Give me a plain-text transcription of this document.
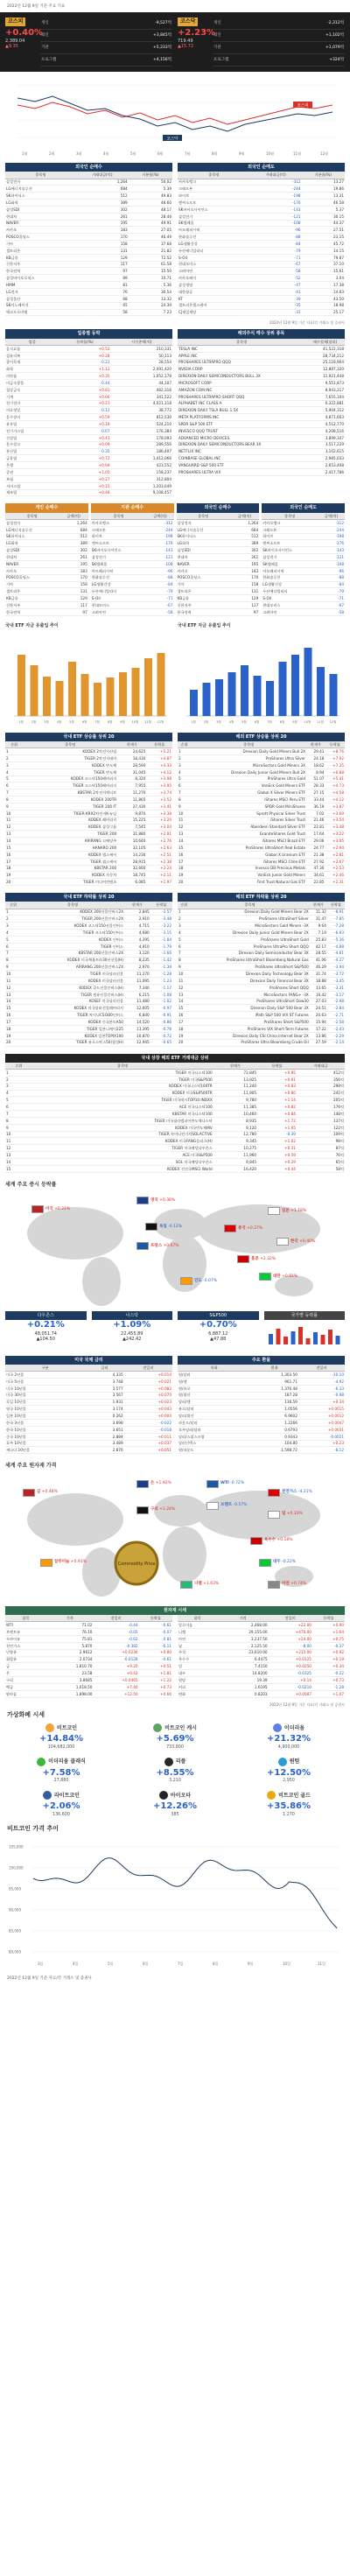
2022년 12월 9일 기준 주요 지표
코스피
+0.40%
2,389.04
▲9.35
개인	-9,527억
외인	+3,845억
기관	+5,233억
프로그램	+4,156억
코스닥
+2.23%
719.49
▲15.72
개인	-2,312억
외인	+1,102억
기관	+1,079억
프로그램	+324억
코스피
코스닥
1월	2월	3월	4월	5월	6월	7월	8월	9월	10월	11월	12월
외국인 순매수
종목명	거래대금(억)	지분율(%)
삼성전자	1,264	50.02
LG에너지솔루션	684	5.39
SK하이닉스	512	49.83
LG화학	389	48.60
삼성SDI	302	48.17
현대차	261	28.46
NAVER	195	49.91
카카오	183	27.05
POSCO홀딩스	170	46.49
기아	158	37.68
셀트리온	131	21.82
KB금융	129	72.52
신한지주	117	61.58
한국전력	97	15.50
삼성바이오로직스	89	10.71
HMM	81	5.36
LG전자	76	30.54
삼성물산	68	13.32
SK이노베이션	65	24.39
에코프로비엠	58	7.23
외국인 순매도
종목명	거래대금(억)	지분율(%)
카카오뱅크	-312	13.27
크래프톤	-244	19.86
하이브	-198	13.31
엔씨소프트	-176	46.58
SK바이오사이언스	-143	5.37
삼성전기	-121	30.15
SK텔레콤	-108	44.37
아모레퍼시픽	-96	27.51
한화솔루션	-88	23.15
LG생활건강	-84	45.72
두산에너빌리티	-79	14.15
S-Oil	-71	79.87
현대모비스	-67	37.10
고려아연	-58	15.61
카카오페이	-52	3.04
삼성생명	-47	17.38
대한항공	-41	14.63
KT	-39	43.50
셀트리온헬스케어	-35	18.98
CJ제일제당	-31	25.17
2022년 12월 9일 기준 자료/각 거래소 및 증권사
업종별 등락
업종	등락률(%)	시가총액(억)
음식료품	+0.52	210,331
섬유의복	+0.28	50,113
종이목재	-0.21	28,554
화학	+1.12	2,091,420
의약품	+0.35	1,052,178
비금속광물	-0.44	44,107
철강금속	+0.81	462,316
기계	+0.66	341,522
전기전자	+0.23	4,021,118
의료정밀	-0.12	38,772
운수장비	+0.59	812,530
유통업	+0.18	524,210
전기가스업	-0.67	176,384
건설업	+0.41	178,093
운수창고	+0.09	289,556
통신업	-0.35	186,407
금융업	+0.72	1,412,066
은행	+0.94	423,552
증권	+1.05	158,237
보험	+0.27	312,804
서비스업	+0.15	1,203,649
제조업	+0.48	9,108,457
해외주식 매수 상위 종목
종목명	매수결제(달러)
TESLA INC	41,522,318
APPLE INC	28,734,212
PROSHARES ULTRAPRO QQQ	25,118,904
NVIDIA CORP	12,887,320
DIREXION DAILY SEMICONDUCTORS BULL 3X	11,921,448
MICROSOFT CORP	9,551,873
AMAZON COM INC	8,943,217
PROSHARES ULTRAPRO SHORT QQQ	7,655,104
ALPHABET INC CLASS A	6,322,881
DIREXION DAILY TSLA BULL 1.5X	5,904,312
META PLATFORMS INC	4,871,603
SPDR S&P 500 ETF	4,512,770
INVESCO QQQ TRUST	4,208,516
ADVANCED MICRO DEVICES	3,899,347
DIREXION DAILY SEMICONDUCTORS BEAR 3X	3,517,229
NETFLIX INC	3,102,615
COINBASE GLOBAL INC	2,985,033
VANGUARD S&P 500 ETF	2,653,408
PROSHARES ULTRA VIX	2,417,786
개인 순매수
종목명	금액(억)
삼성전자	1,264
LG에너지솔루션	684
SK하이닉스	512
LG화학	389
삼성SDI	302
현대차	261
NAVER	195
카카오	183
POSCO홀딩스	170
기아	158
셀트리온	131
KB금융	129
신한지주	117
한국전력	97
기관 순매수
종목명	금액(억)
카카오뱅크	-312
크래프톤	-244
하이브	-198
엔씨소프트	-176
SK바이오사이언스	-143
삼성전기	-121
SK텔레콤	-108
아모레퍼시픽	-96
한화솔루션	-88
LG생활건강	-84
두산에너빌리티	-79
S-Oil	-71
현대모비스	-67
고려아연	-58
외국인 순매수
종목명	금액(억)
삼성전자	1,264
LG에너지솔루션	684
SK하이닉스	512
LG화학	389
삼성SDI	302
현대차	261
NAVER	195
카카오	183
POSCO홀딩스	170
기아	158
셀트리온	131
KB금융	129
신한지주	117
한국전력	97
외국인 순매도
종목명	금액(억)
카카오뱅크	-312
크래프톤	-244
하이브	-198
엔씨소프트	-176
SK바이오사이언스	-143
삼성전기	-121
SK텔레콤	-108
아모레퍼시픽	-96
한화솔루션	-88
LG생활건강	-84
두산에너빌리티	-79
S-Oil	-71
현대모비스	-67
고려아연	-58
국내 ETF 자금 유출입 추이
1월	2월	3월	4월	5월	6월	7월	8월	9월 10월 11월 12월
국내 ETF 자금 유출입 추이
1월	2월	3월	4월	5월	6월	7월	8월	9월 10월 11월 12월
국내 ETF 상승률 상위 20
순위	종목명	현재가	등락률
1	KODEX 2차전지산업	24,625	+5.21
2	TIGER 2차전지테마	18,430	+4.87
3	KODEX 반도체	28,590	+4.33
4	TIGER 반도체	31,045	+4.12
5	KODEX 코스닥150레버리지	8,320	+3.98
6	TIGER 코스닥150레버리지	7,955	+3.95
7	KBSTAR 2차전지액티브	11,270	+3.74
8	KODEX 200TR	11,865	+3.52
9	TIGER 200 IT	27,430	+3.41
10	TIGER KRX2차전지K-뉴딜	9,870	+3.38
11	KODEX 레버리지	15,225	+3.20
12	KODEX 삼성그룹	7,545	+3.04
13	TIGER 200	31,880	+2.91
14	ARIRANG 고배당주	10,640	+2.76
15	HANARO 200	32,105	+2.63
16	KODEX 헬스케어	14,230	+2.51
17	TIGER 헬스케어	28,915	+2.38
18	KBSTAR 200	32,660	+2.24
19	KODEX 자동차	18,745	+2.11
20	TIGER 미디어컨텐츠	6,085	+1.97
해외 ETF 상승률 상위 20
순위	종목명	현재가	등락률
1	Direxion Daily Gold Miners Bull 2X	29.41	+8.76
2	ProShares Ultra Silver	24.18	+7.92
3	MicroSectors Gold Miners 3X	18.62	+7.35
4	Direxion Daily Junior Gold Miners Bull 2X	8.94	+6.88
5	ProShares Ultra Gold	51.07	+5.41
6	VanEck Gold Miners ETF	28.33	+4.73
7	Global X Silver Miners ETF	27.15	+4.58
8	iShares MSCI Peru ETF	33.44	+4.12
9	SPDR Gold MiniShares	36.19	+3.87
10	Sprott Physical Silver Trust	7.02	+3.69
11	iShares Silver Trust	21.46	+3.54
12	Aberdeen Standard Silver ETF	22.81	+3.48
13	GraniteShares Gold Trust	17.64	+3.22
14	iShares MSCI Brazil ETF	29.06	+3.05
15	ProShares UltraShort Real Estate	24.77	+2.94
16	Global X Uranium ETF	21.38	+2.81
17	iShares MSCI Chile ETF	27.92	+2.67
18	Invesco DB Precious Metals	47.30	+2.53
19	VanEck Junior Gold Miners	34.61	+2.46
20	First Trust Natural Gas ETF	22.85	+2.31
국내 ETF 하락률 상위 20
순위	종목명	현재가	등락률
1	KODEX 200선물인버스2X	2,845	-3.57
2	TIGER 200선물인버스2X	2,910	-3.48
3	KODEX 코스닥150선물인버스	4,715	-3.22
4	TIGER 코스닥150인버스	4,680	-3.15
5	KODEX 인버스	4,295	-1.84
6	TIGER 인버스	4,910	-1.79
7	KBSTAR 200선물인버스2X	3,120	-1.66
8	KODEX 미국채울트라30년선물(H)	8,235	-1.42
9	ARIRANG 200선물인버스2X	2,970	-1.39
10	TIGER 미국달러선물	11,270	-1.28
11	KODEX 미국달러선물	11,095	-1.23
12	KODEX 골드선물인버스(H)	7,340	-1.17
13	TIGER 원유선물인버스(H)	6,215	-1.08
14	KOSEF 미국달러선물	11,480	-1.02
15	KODEX 미국달러선물레버리지	12,605	-0.97
16	TIGER 차이나CSI300인버스	6,840	-0.91
17	KODEX 중국본토A50	14,520	-0.86
18	TIGER 일본니케이225	13,395	-0.78
19	KODEX 일본TOPIX100	10,870	-0.72
20	TIGER 유로스탁스50(합성H)	12,945	-0.65
해외 ETF 하락률 상위 20
순위	종목명	현재가	등락률
1	Direxion Daily Gold Miners Bear 2X	11.32	-8.91
2	ProShares UltraShort Silver	31.47	-7.85
3	MicroSectors Gold Miners -3X	9.64	-7.28
4	Direxion Daily Junior Gold Miners Bear 2X	7.19	-6.93
5	ProShares UltraShort Gold	25.83	-5.36
6	ProShares UltraPro Short QQQ	42.17	-4.88
7	Direxion Daily Semiconductor Bear 3X	28.55	-4.61
8	ProShares UltraShort Bloomberg Natural Gas	41.06	-4.27
9	ProShares UltraShort S&P500	46.29	-3.94
10	Direxion Daily Technology Bear 3X	31.74	-3.72
11	Direxion Daily Financial Bear 3X	18.88	-3.45
12	ProShares Short QQQ	13.65	-3.31
13	MicroSectors FANG+ -3X	16.42	-3.17
14	ProShares UltraShort Dow30	27.03	-2.98
15	Direxion Daily S&P 500 Bear 3X	24.51	-2.84
16	iPath S&P 500 VIX ST Futures	20.63	-2.71
17	ProShares Short S&P500	15.94	-2.58
18	ProShares VIX Short-Term Futures	17.22	-2.43
19	Direxion Daily CSI China Internet Bear 2X	13.86	-2.29
20	ProShares Ultra Bloomberg Crude Oil	27.59	-2.14
국내 상장 해외 ETF 거래대금 상위
순위	종목명	현재가	등락률	거래대금
1	TIGER 미국나스닥100	72,845	+0.85	412억
2	TIGER 미국S&P500	13,925	+0.61	356억
3	KODEX 미국나스닥100TR	11,240	+0.83	298억
4	KODEX 미국S&P500TR	11,905	+0.60	241억
5	TIGER 미국테크TOP10 INDXX	9,780	+1.14	205억
6	ACE 미국나스닥100	11,385	+0.82	176억
7	KBSTAR 미국나스닥100	10,460	+0.84	148억
8	TIGER 미국필라델피아반도체나스닥	8,935	+1.72	137억
9	KODEX 미국반도체MV	9,120	+1.65	122억
10	TIGER 차이나전기차SOLACTIVE	12,780	-0.39	109억
11	KODEX 미국FANG플러스(H)	9,345	+1.02	98억
12	TIGER 미국배당다우존스	10,275	+0.31	87억
13	ACE 미국S&P500	11,960	+0.59	76억
14	SOL 미국배당다우존스	9,845	+0.29	65억
15	KODEX 선진국MSCI World	16,420	+0.44	58억
세계 주요 증시 등락률
미국 +0.21%
영국 +0.38%
독일 -0.12%
프랑스 +0.07%
일본 +1.18%
중국 +0.27%
한국 +0.40%
홍콩 +2.32%
대만 +0.81%
인도 -0.07%
다우존스
+0.21%
48,051.74
▲104.50
나스닥
+1.09%
22,455.89
▲242.42
S&P500
+0.70%
6,887.12
▲47.88
국가별 등락률
미국 국채 금리
구분	금리	전일비
미국 2년물	4.335	+0.014
미국 5년물	3.748	+0.021
미국 10년물	3.577	+0.082
미국 30년물	3.567	+0.070
독일 10년물	1.931	+0.023
영국 10년물	3.174	+0.043
일본 10년물	0.262	+0.004
한국 3년물	3.698	-0.022
한국 10년물	3.651	-0.018
중국 10년물	2.884	+0.011
호주 10년물	3.489	+0.037
캐나다 10년물	2.876	+0.051
주요 환율
통화	환율	전일비
원/달러	1,303.50	-10.10
원/엔	961.71	-4.92
원/유로	1,376.48	-6.33
원/위안	187.28	-0.98
달러/엔	136.59	+0.34
유로/달러	1.0556	+0.0015
달러/위안	6.9602	+0.0012
파운드/달러	1.2266	+0.0047
호주달러/달러	0.6793	+0.0031
달러/스위스프랑	0.9343	-0.0021
달러인덱스	104.80	+0.23
원/파운드	1,598.72	-8.12
세계 주요 원자재 가격
Commodity Price
금 +0.48%
은 +1.92%
구리 +1.24%
WTI -0.72%
브렌트 -0.57%
천연가스 -4.21%
밀 +0.33%
옥수수 +0.18%
대두 -0.22%
알루미늄 +0.91%
니켈 +1.63%	아연 +0.74%
원자재 시세
품목	가격	전일비	등락률
WTI	71.02	-0.44	-0.61
브렌트유	76.10	-0.05	-0.07
두바이유	75.81	-0.62	-0.81
천연가스	5.870	-0.382	-6.11
난방유	2.9612	+0.0236	+0.80
휘발유	2.0734	-0.0128	-0.61
금	1,810.70	+9.20	+0.51
은	23.58	+0.42	+1.81
구리	3.8685	+0.0465	+1.22
백금	1,018.50	+7.40	+0.73
팔라듐	1,898.00	+12.50	+0.66
품목	가격	전일비	등락률
알루미늄	2,468.00	+22.00	+0.90
니켈	29,155.00	+470.00	+1.64
아연	3,237.50	+24.00	+0.75
납	2,125.50	-8.00	-0.37
주석	23,610.00	+215.00	+0.92
옥수수	6.4475	+0.0125	+0.19
밀	7.4150	+0.0250	+0.34
대두	14.8200	-0.0325	-0.22
원당	19.39	+0.14	+0.73
커피	1.6195	-0.0210	-1.28
면화	0.8203	+0.0087	+1.07
2022년 12월 9일 기준 자료/각 거래소 및 증권사
가상화폐 시세
비트코인
+14.84%
104,682,000
비트코인 캐시
+5.69%
733,800
이더리움
+21.32%
4,900,000
이더리움 클래식
+7.58%
27,880
리플
+8.55%
3,210
퀀텀
+12.50%
2,950
라이트코인
+2.06%
136,600
아이오타
+12.26%
385
비트코인 골드
+35.86%
1,270
비트코인 가격 추이
105,000
100,000
95,000
90,000
85,000
80,000
3일	4일	5일	6일	7일	8일	9일	10일	11일
2022년 12월 9일 기준 자료/각 거래소 및 증권사
